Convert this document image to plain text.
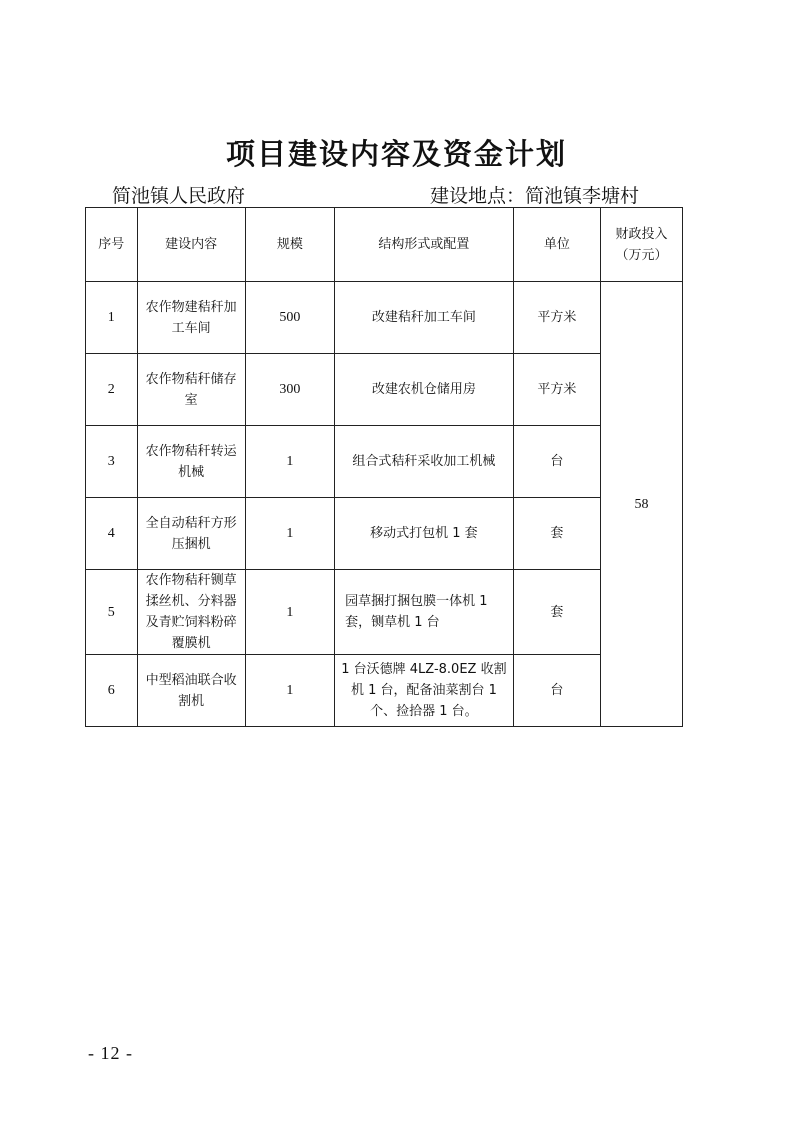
项目建设内容及资金计划
简池镇人民政府	建设地点：简池镇李塘村
序号	建设内容	规模	结构形式或配置	单位	财政投入（万元）
1	农作物建秸秆加工车间	500	改建秸秆加工车间	平方米	58
2	农作物秸秆储存室	300	改建农机仓储用房	平方米	
3	农作物秸秆转运机械	1	组合式秸秆采收加工机械	台	
4	全自动秸秆方形压捆机	1	移动式打包机 1 套	套	
5	农作物秸秆铡草揉丝机、分料器及青贮饲料粉碎覆膜机	1	园草捆打捆包膜一体机 1 套，铡草机 1 台	套	
6	中型稻油联合收割机	1	1 台沃德牌 4LZ-8.0EZ 收割机 1 台，配备油菜割台 1 个、捡拾器 1 台。	台	
- 12 -
